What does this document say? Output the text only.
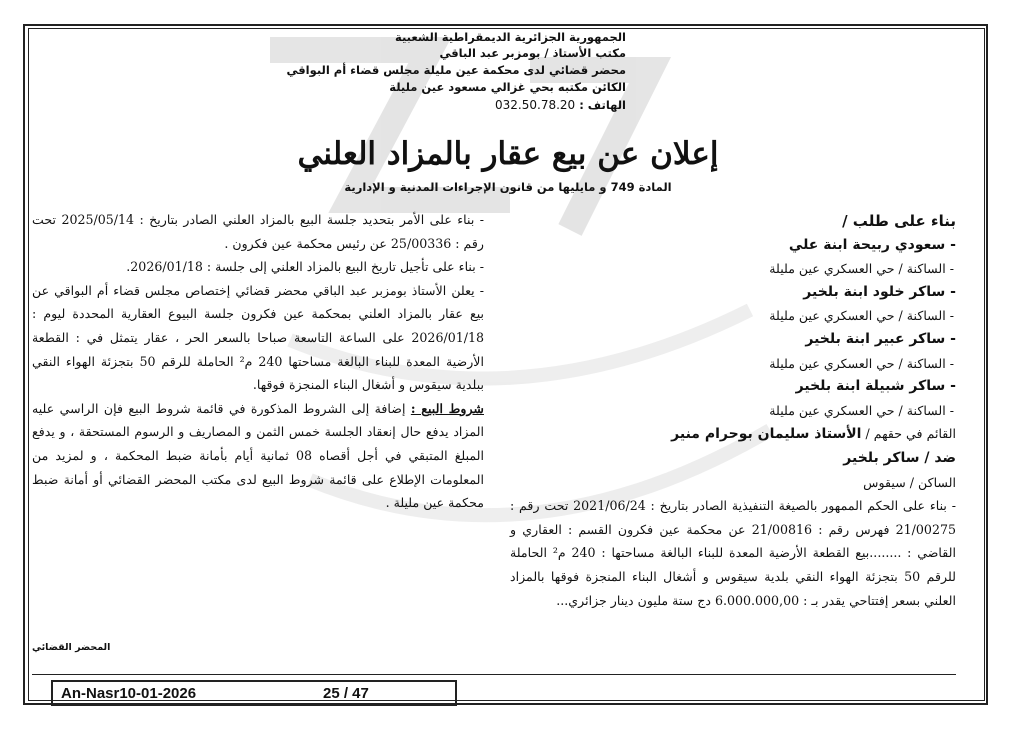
الجمهورية الجزائرية الديمقراطية الشعبية
مكتب الأستاذ / بومزبر عبد الباقي
محضر قضائي لدى محكمة عين مليلة مجلس قضاء أم البواقي
الكائن مكتبه بحي غزالي مسعود عين مليلة
الهاتف : 032.50.78.20
إعلان عن بيع عقار بالمزاد العلني
المادة 749 و مايليها من قانون الإجراءات المدنية و الإدارية

بناء على طلب /

- سعودي ربيحة ابنة علي

- الساكنة / حي العسكري عين مليلة

- ساكر خلود ابنة بلخير

- الساكنة / حي العسكري عين مليلة

- ساكر عبير ابنة بلخير

- الساكنة / حي العسكري عين مليلة

- ساكر شبيلة ابنة بلخير

- الساكنة / حي العسكري عين مليلة

القائم في حقهم / الأستاذ سليمان بوحرام منير

ضد / ساكر بلخير

الساكن / سيقوس

- بناء على الحكم الممهور بالصيغة التنفيذية الصادر بتاريخ : 2021/06/24 تحت رقم : 21/00275 فهرس رقم : 21/00816 عن محكمة عين فكرون القسم : العقاري و القاضي : ........بيع القطعة الأرضية المعدة للبناء البالغة مساحتها : 240 م² الحاملة للرقم 50 بتجزئة الهواء النقي بلدية سيقوس و أشغال البناء المنجزة فوقها بالمزاد العلني بسعر إفتتاحي يقدر بـ : 6.000.000,00 دج ستة مليون دينار جزائري...

- بناء على الأمر بتحديد جلسة البيع بالمزاد العلني الصادر بتاريخ : 2025/05/14 تحت رقم : 25/00336 عن رئيس محكمة عين فكرون .

- بناء على تأجيل تاريخ البيع بالمزاد العلني إلى جلسة : 2026/01/18.

- يعلن الأستاذ بومزبر عبد الباقي محضر قضائي إختصاص مجلس قضاء أم البواقي عن بيع عقار بالمزاد العلني بمحكمة عين فكرون جلسة البيوع العقارية المحددة ليوم : 2026/01/18 على الساعة التاسعة صباحا بالسعر الحر ، عقار يتمثل في : القطعة الأرضية المعدة للبناء البالغة مساحتها 240 م² الحاملة للرقم 50 بتجزئة الهواء النقي ببلدية سيقوس و أشغال البناء المنجزة فوقها.

شروط البيع : إضافة إلى الشروط المذكورة في قائمة شروط البيع فإن الراسي عليه المزاد يدفع حال إنعقاد الجلسة خمس الثمن و المصاريف و الرسوم المستحقة ، و يدفع المبلغ المتبقي في أجل أقصاه 08 ثمانية أيام بأمانة ضبط المحكمة ، و لمزيد من المعلومات الإطلاع على قائمة شروط البيع لدى مكتب المحضر القضائي أو أمانة ضبط محكمة عين مليلة .

المحضر القضائي
An-Nasr10-01-2026	25 / 47
